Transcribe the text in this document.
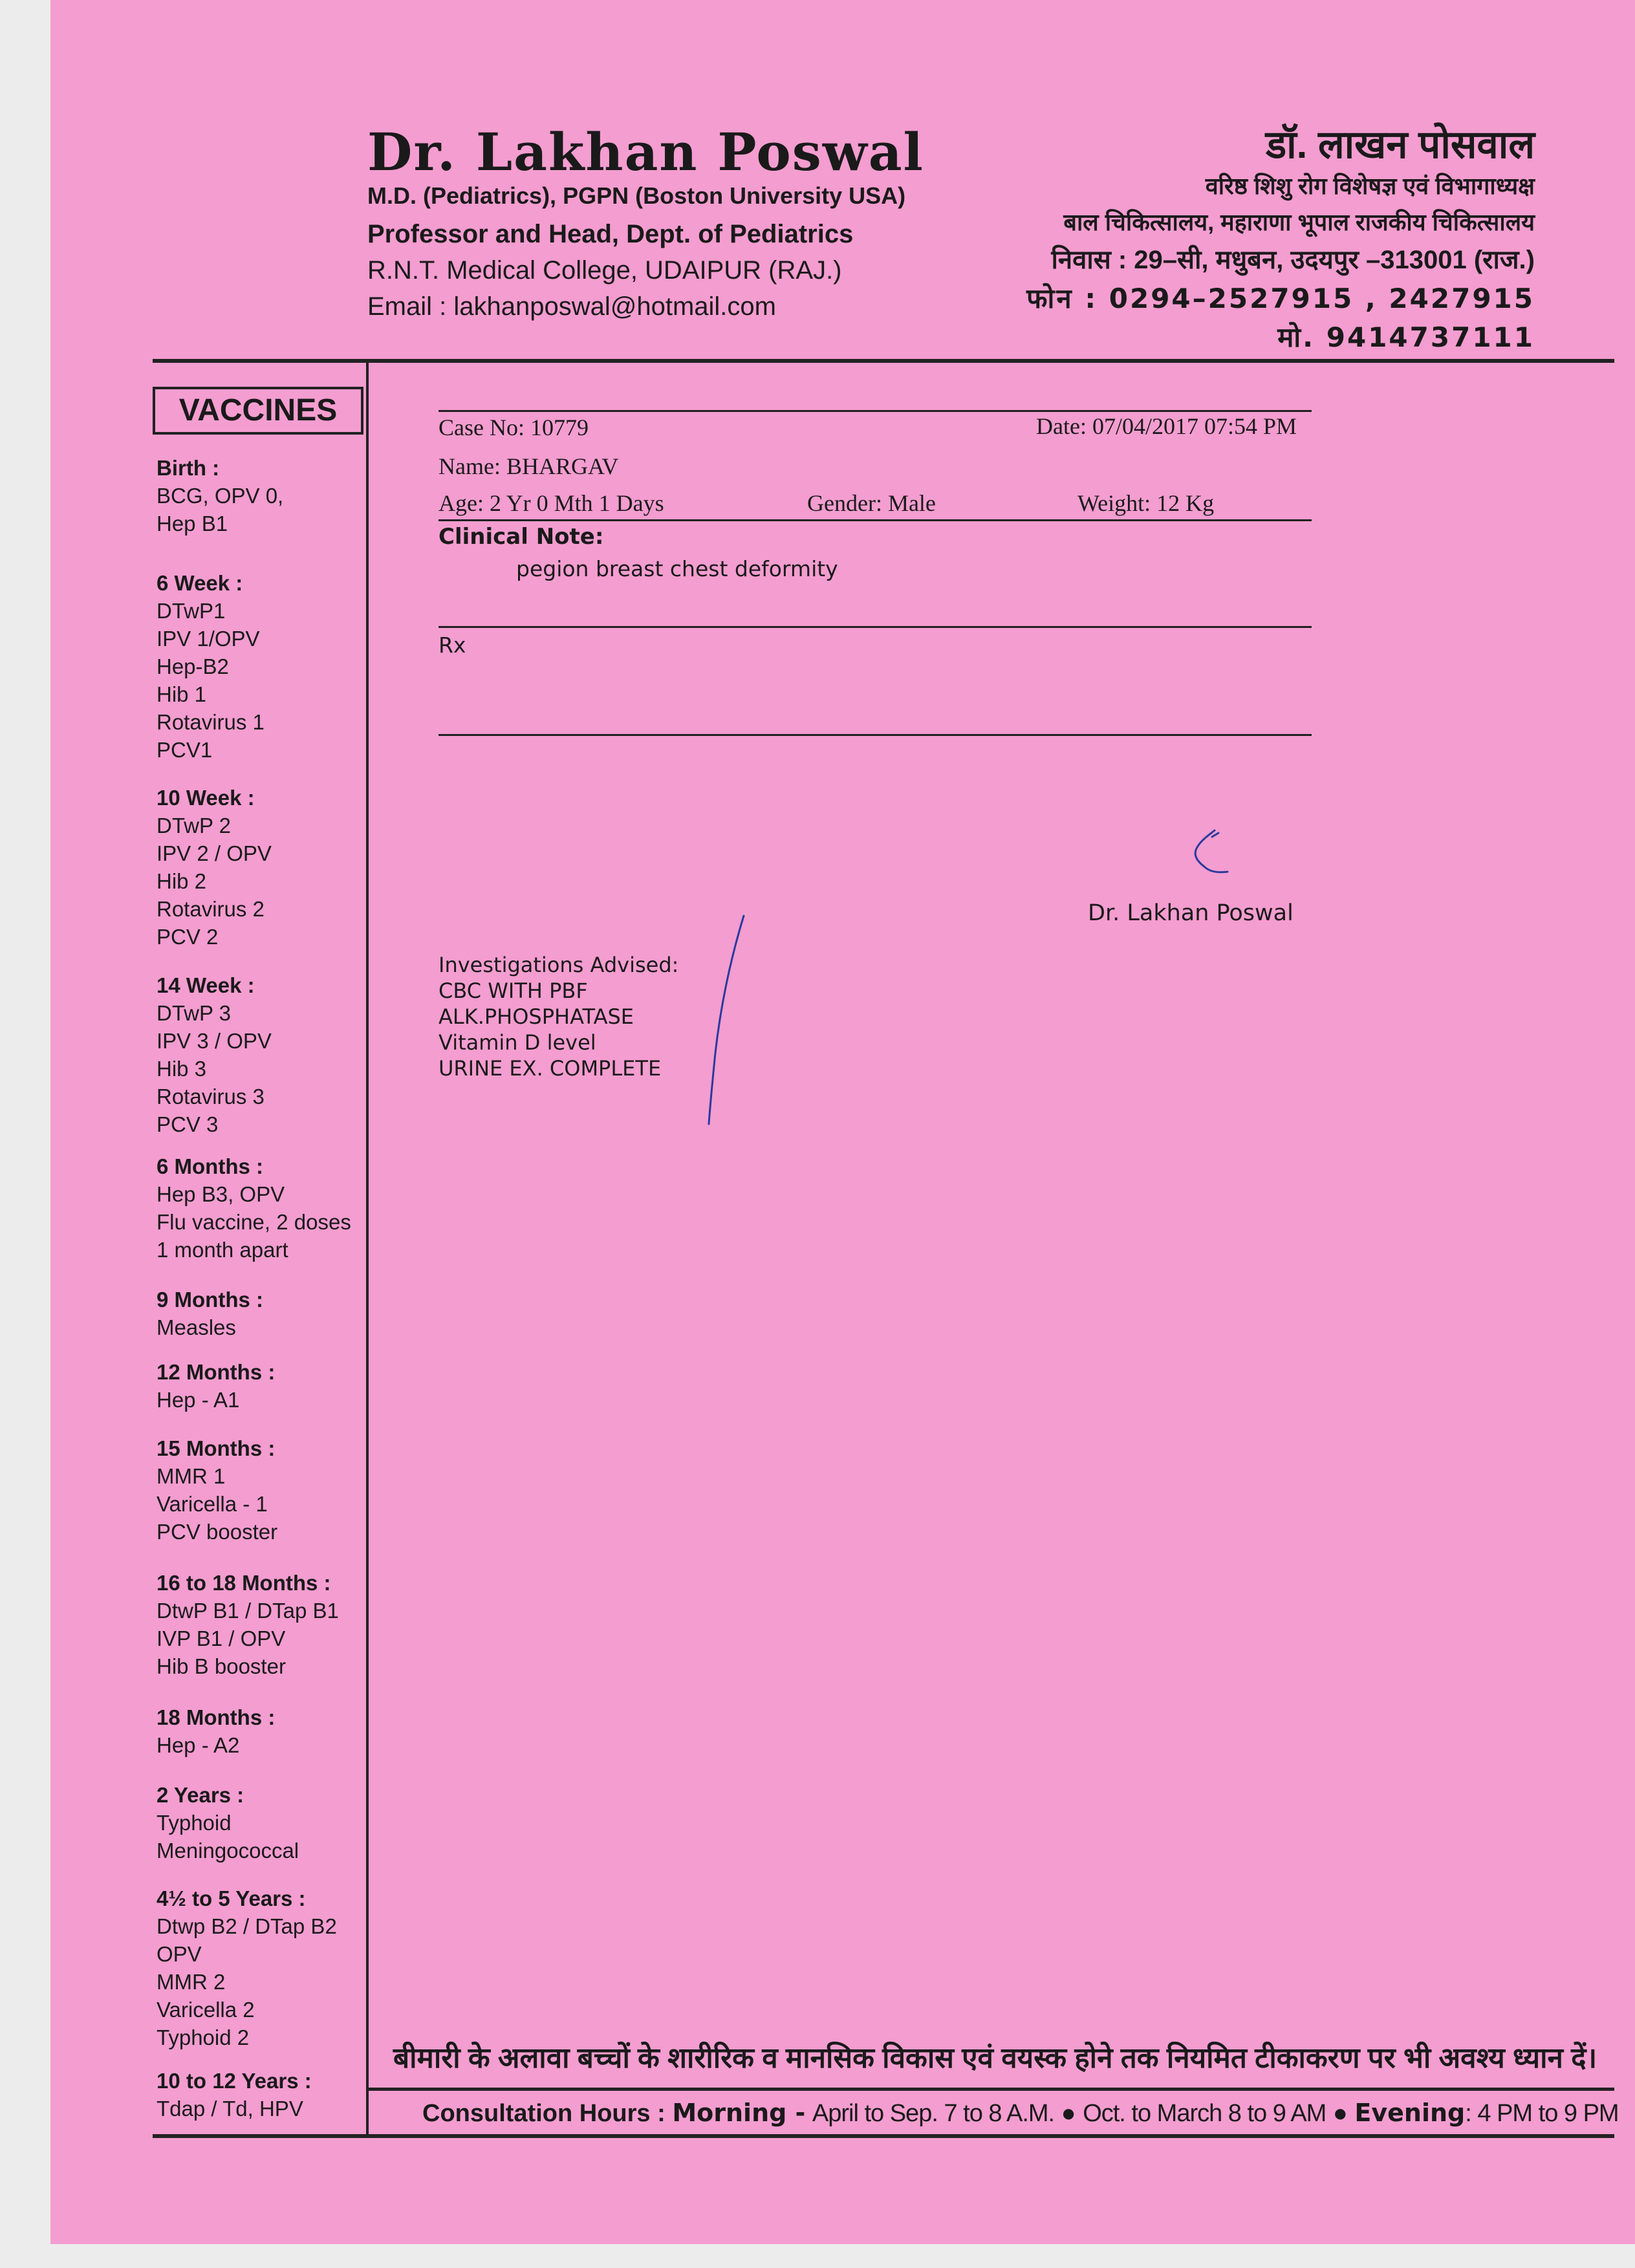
Dr. Lakhan Poswal
M.D. (Pediatrics), PGPN (Boston University USA)
Professor and Head, Dept. of Pediatrics
R.N.T. Medical College, UDAIPUR (RAJ.)
Email : lakhanposwal@hotmail.com
डॉ. लाखन पोसवाल
वरिष्ठ शिशु रोग विशेषज्ञ एवं विभागाध्यक्ष
बाल चिकित्सालय, महाराणा भूपाल राजकीय चिकित्सालय
निवास : 29–सी, मधुबन, उदयपुर –313001 (राज.)
फोन : 0294–2527915 , 2427915
मो. 9414737111
VACCINES
Birth :
BCG, OPV 0,
Hep B1
6 Week :
DTwP1
IPV 1/OPV
Hep-B2
Hib 1
Rotavirus 1
PCV1
10 Week :
DTwP 2
IPV 2 / OPV
Hib 2
Rotavirus 2
PCV 2
14 Week :
DTwP 3
IPV 3 / OPV
Hib 3
Rotavirus 3
PCV 3
6 Months :
Hep B3, OPV
Flu vaccine, 2 doses
1 month apart
9 Months :
Measles
12 Months :
Hep - A1
15 Months :
MMR 1
Varicella - 1
PCV booster
16 to 18 Months :
DtwP B1 / DTap B1
IVP B1 / OPV
Hib B booster
18 Months :
Hep - A2
2 Years :
Typhoid
Meningococcal
4½ to 5 Years :
Dtwp B2 / DTap B2
OPV
MMR 2
Varicella 2
Typhoid 2
10 to 12 Years :
Tdap / Td, HPV
Case No: 10779	Date: 07/04/2017 07:54 PM
Name: BHARGAV
Age: 2 Yr 0 Mth 1 Days	Gender: Male	Weight: 12 Kg
Clinical Note:
pegion breast chest deformity
Rx
Dr. Lakhan Poswal
Investigations Advised:
CBC WITH PBF
ALK.PHOSPHATASE
Vitamin D level
URINE EX. COMPLETE
बीमारी के अलावा बच्चों के शारीरिक व मानसिक विकास एवं वयस्क होने तक नियमित टीकाकरण पर भी अवश्य ध्यान दें।
Consultation Hours : Morning - April to Sep. 7 to 8 A.M. ● Oct. to March 8 to 9 AM ● Evening: 4 PM to 9 PM
